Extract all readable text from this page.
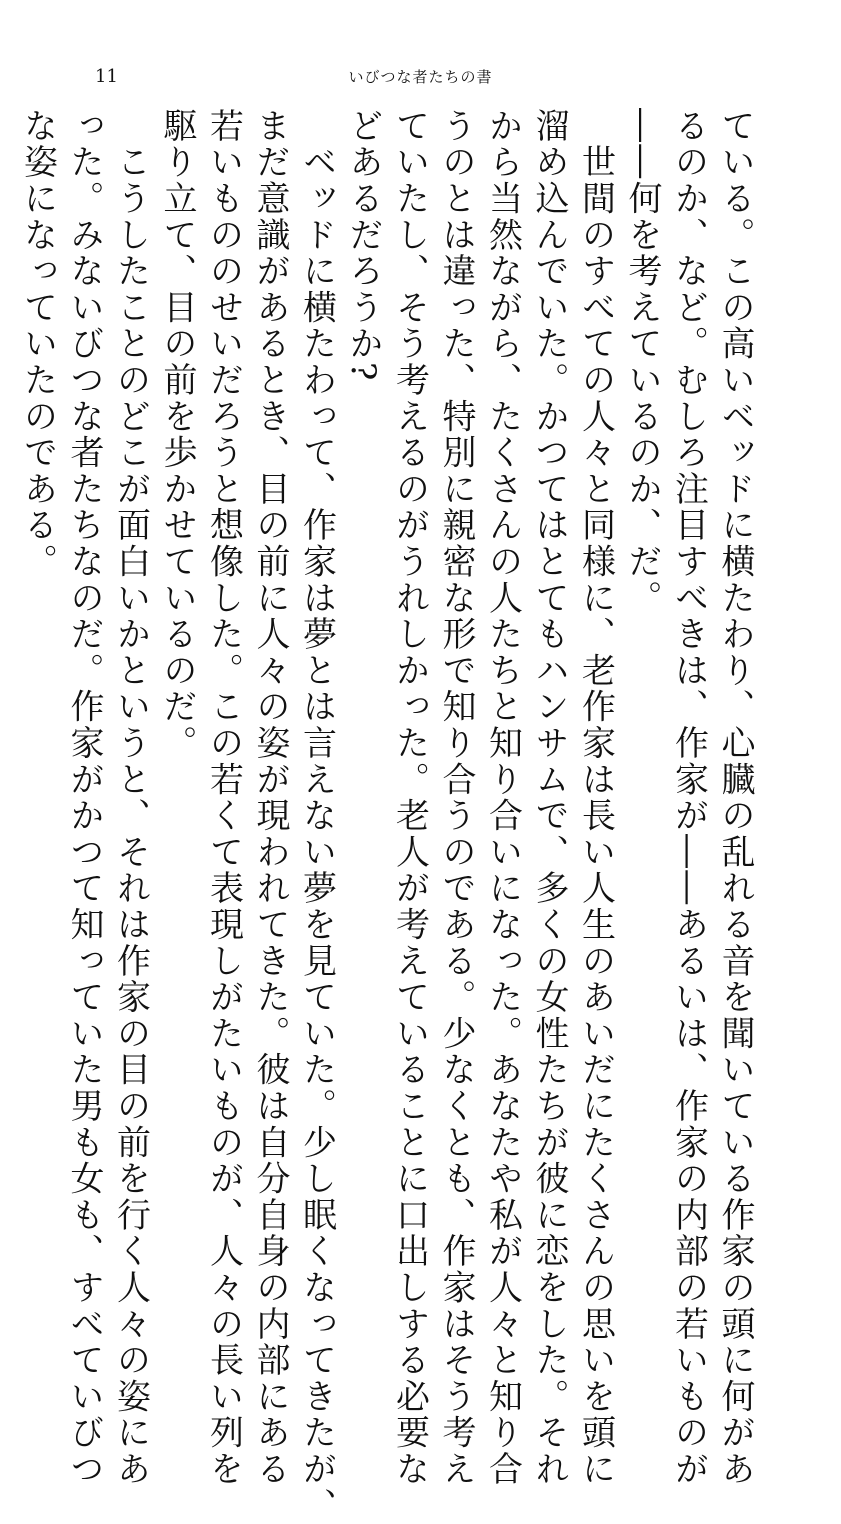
11	いびつな者たちの書
ている。この高いベッドに横たわり、心臓の乱れる音を聞いている作家の頭に何があ
るのか、など。むしろ注目すべきは、作家が――あるいは、作家の内部の若いものが
――何を考えているのか、だ。
　世間のすべての人々と同様に、老作家は長い人生のあいだにたくさんの思いを頭に
溜め込んでいた。かつてはとてもハンサムで、多くの女性たちが彼に恋をした。それ
から当然ながら、たくさんの人たちと知り合いになった。あなたや私が人々と知り合
うのとは違った、特別に親密な形で知り合うのである。少なくとも、作家はそう考え
ていたし、そう考えるのがうれしかった。老人が考えていることに口出しする必要な
どあるだろうか?
　ベッドに横たわって、作家は夢とは言えない夢を見ていた。少し眠くなってきたが、
まだ意識があるとき、目の前に人々の姿が現われてきた。彼は自分自身の内部にある
若いもののせいだろうと想像した。この若くて表現しがたいものが、人々の長い列を
駆り立て、目の前を歩かせているのだ。
　こうしたことのどこが面白いかというと、それは作家の目の前を行く人々の姿にあ
った。みないびつな者たちなのだ。作家がかつて知っていた男も女も、すべていびつ
な姿になっていたのである。
